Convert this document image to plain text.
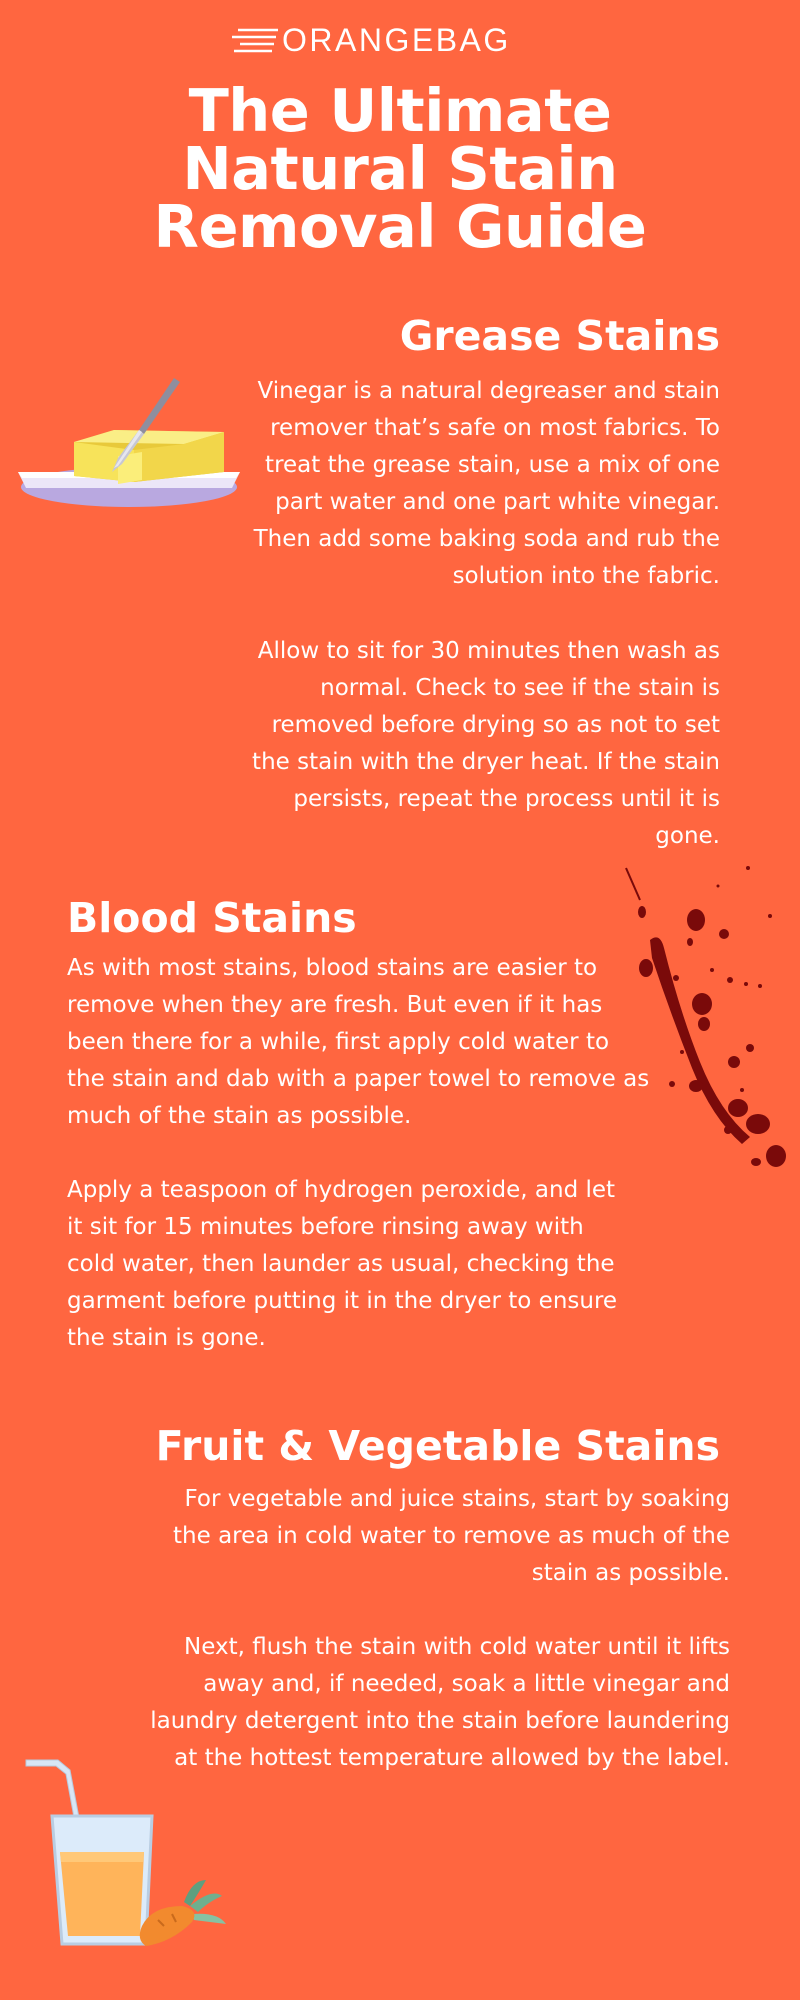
ORANGEBAG
The Ultimate
Natural Stain
Removal Guide
Grease Stains
Vinegar is a natural degreaser and stain remover that’s safe on most fabrics. To treat the grease stain, use a mix of one part water and one part white vinegar. Then add some baking soda and rub the solution into the fabric.
Allow to sit for 30 minutes then wash as normal. Check to see if the stain is removed before drying so as not to set the stain with the dryer heat. If the stain persists, repeat the process until it is gone.
Blood Stains
As with most stains, blood stains are easier to remove when they are fresh. But even if it has been there for a while, first apply cold water to the stain and dab with a paper towel to remove as much of the stain as possible.
Apply a teaspoon of hydrogen peroxide, and let it sit for 15 minutes before rinsing away with cold water, then launder as usual, checking the garment before putting it in the dryer to ensure the stain is gone.
Fruit & Vegetable Stains
For vegetable and juice stains, start by soaking the area in cold water to remove as much of the stain as possible.
Next, flush the stain with cold water until it lifts away and, if needed, soak a little vinegar and laundry detergent into the stain before laundering at the hottest temperature allowed by the label.
